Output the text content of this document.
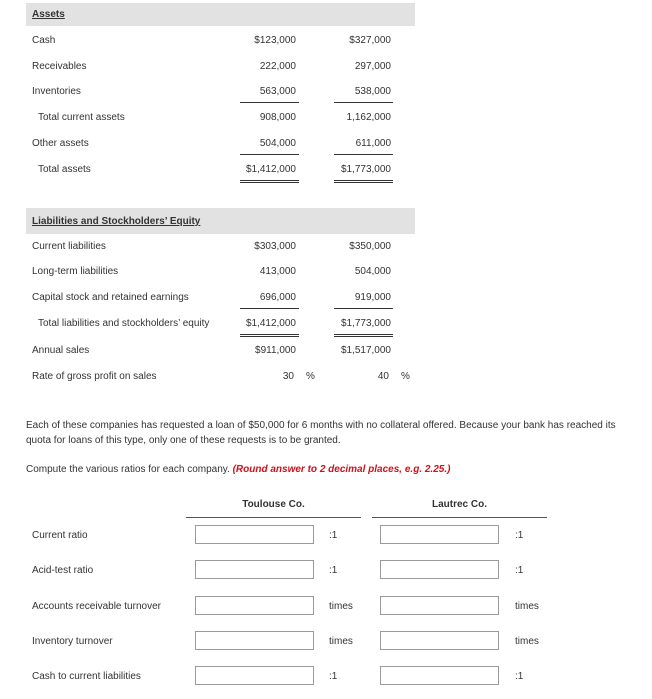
Assets
Cash	$123,000	$327,000
Receivables	222,000	297,000
Inventories	563,000	538,000
Total current assets	908,000	1,162,000
Other assets	504,000	611,000
Total assets	$1,412,000	$1,773,000
Liabilities and Stockholders’ Equity
Current liabilities	$303,000	$350,000
Long-term liabilities	413,000	504,000
Capital stock and retained earnings	696,000	919,000
Total liabilities and stockholders’ equity	$1,412,000	$1,773,000
Annual sales	$911,000	$1,517,000
Rate of gross profit on sales	30 %	40 %
Each of these companies has requested a loan of $50,000 for 6 months with no collateral offered. Because your bank has reached its quota for loans of this type, only one of these requests is to be granted.
Compute the various ratios for each company. (Round answer to 2 decimal places, e.g. 2.25.)
Toulouse Co.	Lautrec Co.
Current ratio	:1	:1
Acid-test ratio	:1	:1
Accounts receivable turnover	times	times
Inventory turnover	times	times
Cash to current liabilities	:1	:1
